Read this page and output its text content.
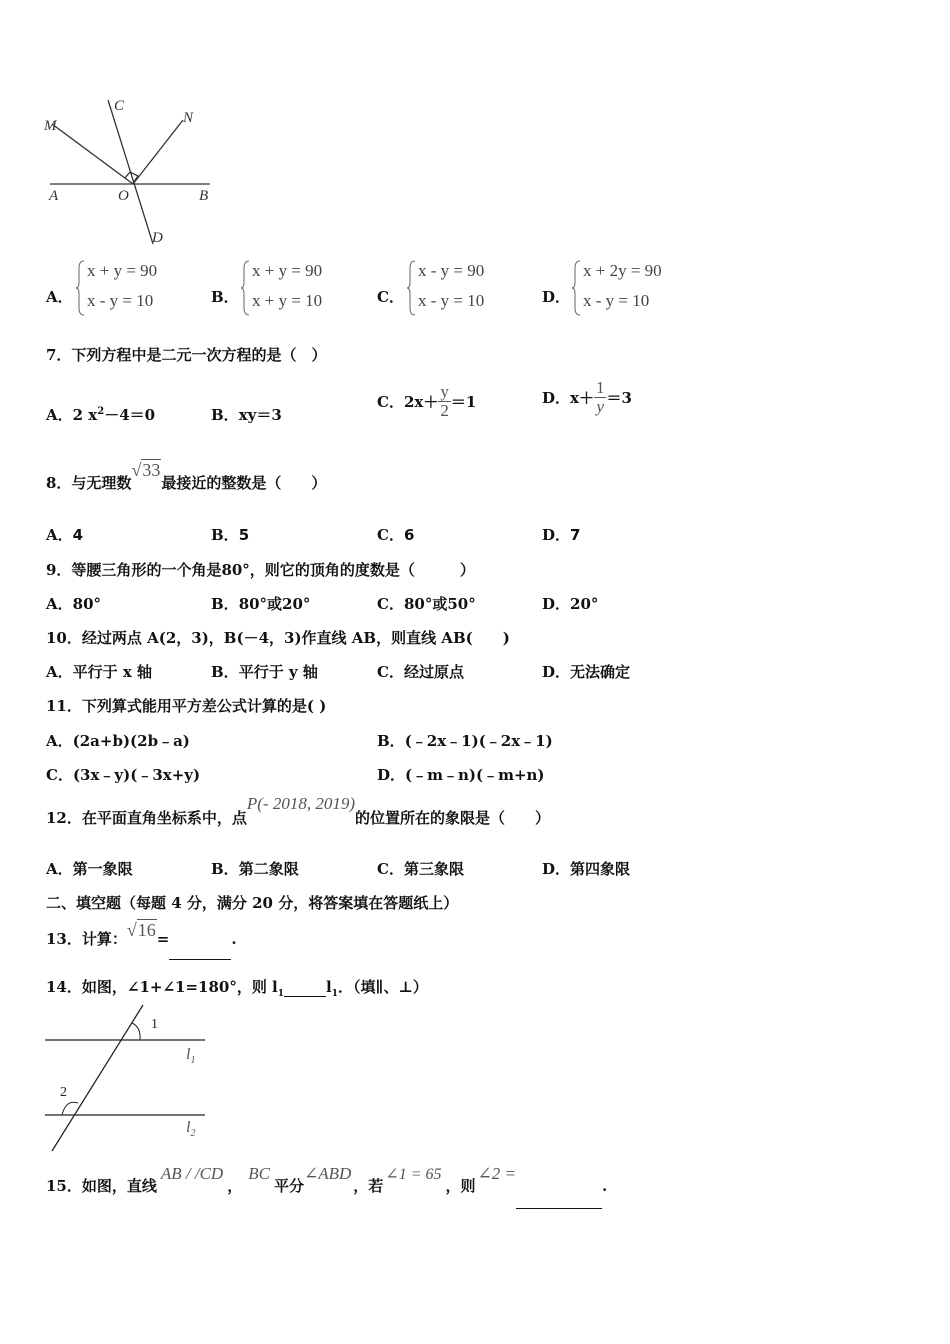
M
C
N
A	O	B
D
A．
x + y = 90
x - y = 10	B．
x + y = 90
x + y = 10	C．
x - y = 90
x - y = 10	D．
x + 2y = 90
x - y = 10
7．下列方程中是二元一次方程的是（　）
A．2 $x^2-4=0$	B．xy＝3
C．$2x+ \frac{y}{2} =1$	D．$x+ \frac{1}{y} =3$
8．与无理数√33最接近的整数是（　　）
A．4	B．5	C．6	D．7
9．等腰三角形的一个角是80°，则它的顶角的度数是（　　　）
A．80°	B．80°或20°	C．80°或50°	D．20°
10．经过两点 A(2，3)，B(－4，3)作直线 AB，则直线 AB(　　)
A．平行于 x 轴	B．平行于 y 轴	C．经过原点	D．无法确定
11．下列算式能用平方差公式计算的是( )
A．(2a+b)(2b﹣a)	B．(﹣2x﹣1)(﹣2x﹣1)
C．(3x﹣y)(﹣3x+y)	D．(﹣m﹣n)(﹣m+n)
12．在平面直角坐标系中，点P(- 2018, 2019)的位置所在的象限是（　　）
A．第一象限	B．第二象限	C．第三象限	D．第四象限
二、填空题（每题 4 分，满分 20 分，将答案填在答题纸上）
13．计算：√16=	.
14．如图，∠1+∠1=180°，则 $l_1$	$l_1$．（填∥、⊥）
1
2
$l_1$
$l_2$
15．如图，直线AB / /CD，BC平分∠ABD，若∠1 = 65，则∠2 = .
